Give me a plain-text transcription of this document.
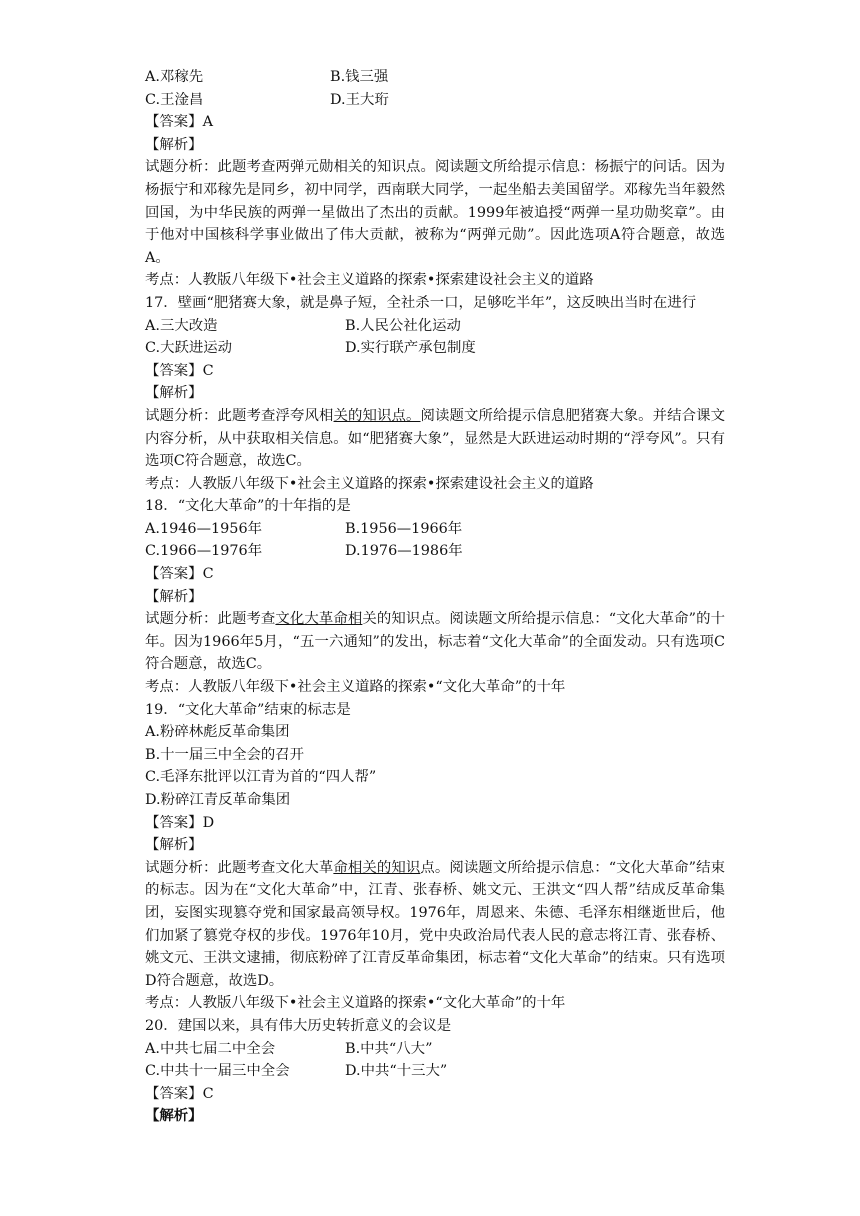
A.邓稼先	B.钱三强
C.王淦昌	D.王大珩
【答案】A
【解析】
试题分析：此题考查两弹元勋相关的知识点。阅读题文所给提示信息：杨振宁的问话。因为杨振宁和邓稼先是同乡，初中同学，西南联大同学，一起坐船去美国留学。邓稼先当年毅然回国，为中华民族的两弹一星做出了杰出的贡献。1999年被追授“两弹一星功勋奖章”。由于他对中国核科学事业做出了伟大贡献，被称为“两弹元勋”。因此选项A符合题意，故选A。
考点：人教版八年级下•社会主义道路的探索•探索建设社会主义的道路
17．壁画“肥猪赛大象，就是鼻子短，全社杀一口，足够吃半年”，这反映出当时在进行
A.三大改造	B.人民公社化运动
C.大跃进运动	D.实行联产承包制度
【答案】C
【解析】
试题分析：此题考查浮夸风相关的知识点。阅读题文所给提示信息肥猪赛大象。并结合课文内容分析，从中获取相关信息。如“肥猪赛大象”，显然是大跃进运动时期的“浮夸风”。只有选项C符合题意，故选C。
考点：人教版八年级下•社会主义道路的探索•探索建设社会主义的道路
18．“文化大革命”的十年指的是
A.1946—1956年	B.1956—1966年
C.1966—1976年	D.1976—1986年
【答案】C
【解析】
试题分析：此题考查文化大革命相关的知识点。阅读题文所给提示信息：“文化大革命”的十年。因为1966年5月，“五一六通知”的发出，标志着“文化大革命”的全面发动。只有选项C符合题意，故选C。
考点：人教版八年级下•社会主义道路的探索•“文化大革命”的十年
19．“文化大革命”结束的标志是
A.粉碎林彪反革命集团
B.十一届三中全会的召开
C.毛泽东批评以江青为首的“四人帮”
D.粉碎江青反革命集团
【答案】D
【解析】
试题分析：此题考查文化大革命相关的知识点。阅读题文所给提示信息：“文化大革命”结束的标志。因为在“文化大革命”中，江青、张春桥、姚文元、王洪文“四人帮”结成反革命集团，妄图实现篡夺党和国家最高领导权。1976年，周恩来、朱德、毛泽东相继逝世后，他们加紧了篡党夺权的步伐。1976年10月，党中央政治局代表人民的意志将江青、张春桥、姚文元、王洪文逮捕，彻底粉碎了江青反革命集团，标志着“文化大革命”的结束。只有选项D符合题意，故选D。
考点：人教版八年级下•社会主义道路的探索•“文化大革命”的十年
20．建国以来，具有伟大历史转折意义的会议是
A.中共七届二中全会	B.中共“八大”
C.中共十一届三中全会	D.中共“十三大”
【答案】C
【解析】
